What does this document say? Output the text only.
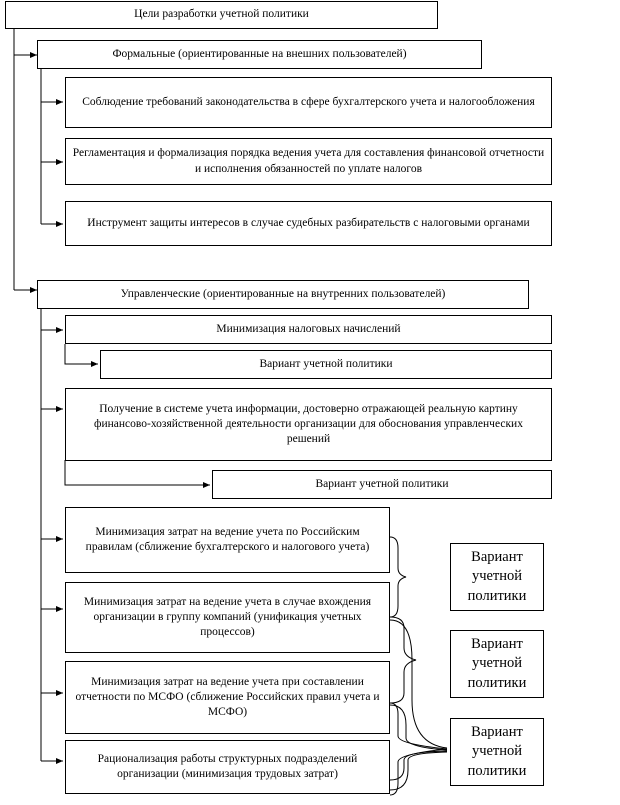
Цели разработки учетной политики
Формальные (ориентированные на внешних пользователей)
Соблюдение требований законодательства в сфере бухгалтерского учета и налогообложения
Регламентация и формализация порядка ведения учета для составления финансовой отчетности и исполнения обязанностей по уплате налогов
Инструмент защиты интересов в случае судебных разбирательств с налоговыми органами
Управленческие (ориентированные на внутренних пользователей)
Минимизация налоговых начислений
Вариант учетной политики
Получение в системе учета информации, достоверно отражающей реальную картину финансово-хозяйственной деятельности организации для обоснования управленческих решений
Вариант учетной политики
Минимизация затрат на ведение учета по Российским правилам (сближение бухгалтерского и налогового учета)
Минимизация затрат на ведение учета в случае вхождения организации в группу компаний (унификация учетных процессов)
Минимизация затрат на ведение учета при составлении отчетности по МСФО (сближение Российских правил учета и МСФО)
Рационализация работы структурных подразделений организации (минимизация трудовых затрат)
Вариант учетной политики
Вариант учетной политики
Вариант учетной политики
